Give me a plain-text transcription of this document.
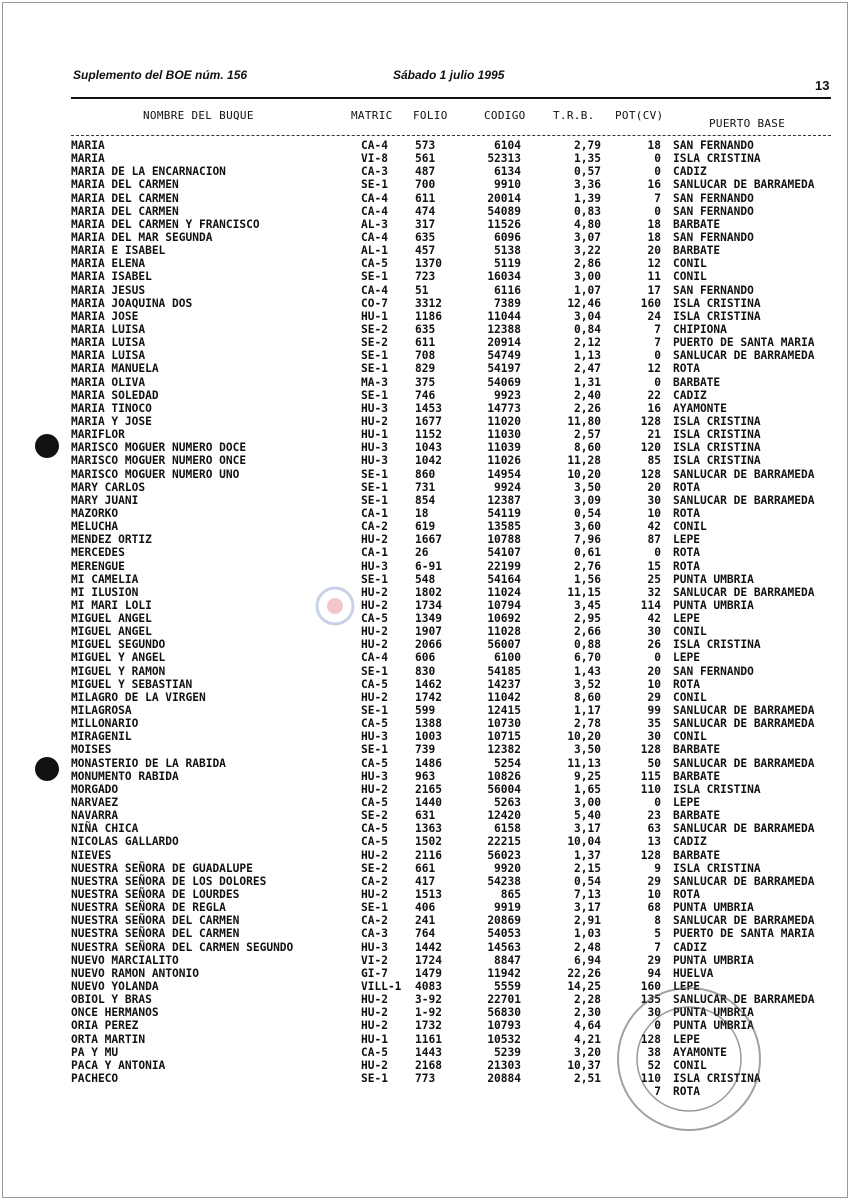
Suplemento del BOE núm. 156	Sábado 1 julio 1995
13
NOMBRE DEL BUQUE	MATRIC FOLIO	CODIGO T.R.B. POT(CV)
PUERTO BASE
MARIA	CA-4 573	6104	2,79	18 SAN FERNANDO
MARIA	VI-8 561	52313	1,35	0 ISLA CRISTINA
MARIA DE LA ENCARNACION	CA-3 487	6134	0,57	0 CADIZ
MARIA DEL CARMEN	SE-1 700	9910	3,36	16 SANLUCAR DE BARRAMEDA
MARIA DEL CARMEN	CA-4 611	20014	1,39	7 SAN FERNANDO
MARIA DEL CARMEN	CA-4 474	54089	0,83	0 SAN FERNANDO
MARIA DEL CARMEN Y FRANCISCO	AL-3 317	11526	4,80	18 BARBATE
MARIA DEL MAR SEGUNDA	CA-4 635	6096	3,07	18 SAN FERNANDO
MARIA E ISABEL	AL-1 457	5138	3,22	20 BARBATE
MARIA ELENA	CA-5 1370	5119	2,86	12 CONIL
MARIA ISABEL	SE-1 723	16034	3,00	11 CONIL
MARIA JESUS	CA-4 51	6116	1,07	17 SAN FERNANDO
MARIA JOAQUINA DOS	CO-7 3312	7389	12,46	160 ISLA CRISTINA
MARIA JOSE	HU-1 1186	11044	3,04	24 ISLA CRISTINA
MARIA LUISA	SE-2 635	12388	0,84	7 CHIPIONA
MARIA LUISA	SE-2 611	20914	2,12	7 PUERTO DE SANTA MARIA
MARIA LUISA	SE-1 708	54749	1,13	0 SANLUCAR DE BARRAMEDA
MARIA MANUELA	SE-1 829	54197	2,47	12 ROTA
MARIA OLIVA	MA-3 375	54069	1,31	0 BARBATE
MARIA SOLEDAD	SE-1 746	9923	2,40	22 CADIZ
MARIA TINOCO	HU-3 1453	14773	2,26	16 AYAMONTE
MARIA Y JOSE	HU-2 1677	11020	11,80	128 ISLA CRISTINA
MARIFLOR	HU-1 1152	11030	2,57	21 ISLA CRISTINA
MARISCO MOGUER NUMERO DOCE	HU-3 1043	11039	8,60	120 ISLA CRISTINA
MARISCO MOGUER NUMERO ONCE	HU-3 1042	11026	11,28	85 ISLA CRISTINA
MARISCO MOGUER NUMERO UNO	SE-1 860	14954	10,20	128 SANLUCAR DE BARRAMEDA
MARY CARLOS	SE-1 731	9924	3,50	20 ROTA
MARY JUANI	SE-1 854	12387	3,09	30 SANLUCAR DE BARRAMEDA
MAZORKO	CA-1 18	54119	0,54	10 ROTA
MELUCHA	CA-2 619	13585	3,60	42 CONIL
MENDEZ ORTIZ	HU-2 1667	10788	7,96	87 LEPE
MERCEDES	CA-1 26	54107	0,61	0 ROTA
MERENGUE	HU-3 6-91	22199	2,76	15 ROTA
MI CAMELIA	SE-1 548	54164	1,56	25 PUNTA UMBRIA
MI ILUSION	HU-2 1802	11024	11,15	32 SANLUCAR DE BARRAMEDA
MI MARI LOLI	HU-2 1734	10794	3,45	114 PUNTA UMBRIA
MIGUEL ANGEL	CA-5 1349	10692	2,95	42 LEPE
MIGUEL ANGEL	HU-2 1907	11028	2,66	30 CONIL
MIGUEL SEGUNDO	HU-2 2066	56007	0,88	26 ISLA CRISTINA
MIGUEL Y ANGEL	CA-4 606	6100	6,70	0 LEPE
MIGUEL Y RAMON	SE-1 830	54185	1,43	20 SAN FERNANDO
MIGUEL Y SEBASTIAN	CA-5 1462	14237	3,52	10 ROTA
MILAGRO DE LA VIRGEN	HU-2 1742	11042	8,60	29 CONIL
MILAGROSA	SE-1 599	12415	1,17	99 SANLUCAR DE BARRAMEDA
MILLONARIO	CA-5 1388	10730	2,78	35 SANLUCAR DE BARRAMEDA
MIRAGENIL	HU-3 1003	10715	10,20	30 CONIL
MOISES	SE-1 739	12382	3,50	128 BARBATE
MONASTERIO DE LA RABIDA	CA-5 1486	5254	11,13	50 SANLUCAR DE BARRAMEDA
MONUMENTO RABIDA	HU-3 963	10826	9,25	115 BARBATE
MORGADO	HU-2 2165	56004	1,65	110 ISLA CRISTINA
NARVAEZ	CA-5 1440	5263	3,00	0 LEPE
NAVARRA	SE-2 631	12420	5,40	23 BARBATE
NIÑA CHICA	CA-5 1363	6158	3,17	63 SANLUCAR DE BARRAMEDA
NICOLAS GALLARDO	CA-5 1502	22215	10,04	13 CADIZ
NIEVES	HU-2 2116	56023	1,37	128 BARBATE
NUESTRA SEÑORA DE GUADALUPE	SE-2 661	9920	2,15	9 ISLA CRISTINA
NUESTRA SEÑORA DE LOS DOLORES	CA-2 417	54238	0,54	29 SANLUCAR DE BARRAMEDA
NUESTRA SEÑORA DE LOURDES	HU-2 1513	865	7,13	10 ROTA
NUESTRA SEÑORA DE REGLA	SE-1 406	9919	3,17	68 PUNTA UMBRIA
NUESTRA SEÑORA DEL CARMEN	CA-2 241	20869	2,91	8 SANLUCAR DE BARRAMEDA
NUESTRA SEÑORA DEL CARMEN	CA-3 764	54053	1,03	5 PUERTO DE SANTA MARIA
NUESTRA SEÑORA DEL CARMEN SEGUNDO	HU-3 1442	14563	2,48	7 CADIZ
NUEVO MARCIALITO	VI-2 1724	8847	6,94	29 PUNTA UMBRIA
NUEVO RAMON ANTONIO	GI-7 1479	11942	22,26	94 HUELVA
NUEVO YOLANDA	VILL-1 4083	5559	14,25	160 LEPE
OBIOL Y BRAS	HU-2 3-92	22701	2,28	135 SANLUCAR DE BARRAMEDA
ONCE HERMANOS	HU-2 1-92	56830	2,30	30 PUNTA UMBRIA
ORIA PEREZ	HU-2 1732	10793	4,64	0 PUNTA UMBRIA
ORTA MARTIN	HU-1 1161	10532	4,21	128 LEPE
PA Y MU	CA-5 1443	5239	3,20	38 AYAMONTE
PACA Y ANTONIA	HU-2 2168	21303	10,37	52 CONIL
PACHECO	SE-1 773	20884	2,51	110 ISLA CRISTINA
7 ROTA
